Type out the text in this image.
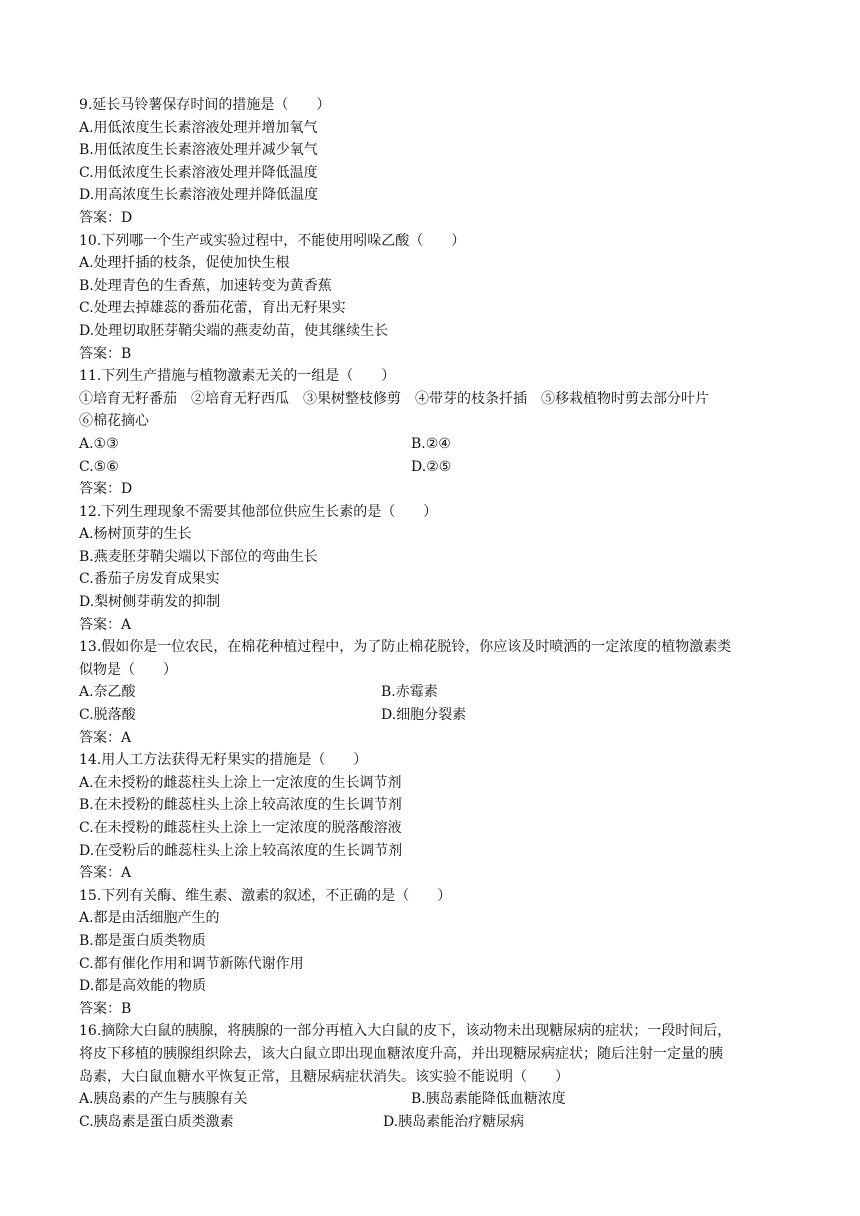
9.延长马铃薯保存时间的措施是（　　）
A.用低浓度生长素溶液处理并增加氧气
B.用低浓度生长素溶液处理并减少氧气
C.用低浓度生长素溶液处理并降低温度
D.用高浓度生长素溶液处理并降低温度
答案：D
10.下列哪一个生产或实验过程中，不能使用吲哚乙酸（　　）
A.处理扦插的枝条，促使加快生根
B.处理青色的生香蕉，加速转变为黄香蕉
C.处理去掉雄蕊的番茄花蕾，育出无籽果实
D.处理切取胚芽鞘尖端的燕麦幼苗，使其继续生长
答案：B
11.下列生产措施与植物激素无关的一组是（　　）
①培育无籽番茄　②培育无籽西瓜　③果树整枝修剪　④带芽的枝条扦插　⑤移栽植物时剪去部分叶片
⑥棉花摘心
A.①③	B.②④
C.⑤⑥	D.②⑤
答案：D
12.下列生理现象不需要其他部位供应生长素的是（　　）
A.杨树顶芽的生长
B.燕麦胚芽鞘尖端以下部位的弯曲生长
C.番茄子房发育成果实
D.梨树侧芽萌发的抑制
答案：A
13.假如你是一位农民，在棉花种植过程中，为了防止棉花脱铃，你应该及时喷洒的一定浓度的植物激素类
似物是（　　）
A.奈乙酸	B.赤霉素
C.脱落酸	D.细胞分裂素
答案：A
14.用人工方法获得无籽果实的措施是（　　）
A.在未授粉的雌蕊柱头上涂上一定浓度的生长调节剂
B.在未授粉的雌蕊柱头上涂上较高浓度的生长调节剂
C.在未授粉的雌蕊柱头上涂上一定浓度的脱落酸溶液
D.在受粉后的雌蕊柱头上涂上较高浓度的生长调节剂
答案：A
15.下列有关酶、维生素、激素的叙述，不正确的是（　　）
A.都是由活细胞产生的
B.都是蛋白质类物质
C.都有催化作用和调节新陈代谢作用
D.都是高效能的物质
答案：B
16.摘除大白鼠的胰腺，将胰腺的一部分再植入大白鼠的皮下，该动物未出现糖尿病的症状；一段时间后，
将皮下移植的胰腺组织除去，该大白鼠立即出现血糖浓度升高，并出现糖尿病症状；随后注射一定量的胰
岛素，大白鼠血糖水平恢复正常，且糖尿病症状消失。该实验不能说明（　　）
A.胰岛素的产生与胰腺有关	B.胰岛素能降低血糖浓度
C.胰岛素是蛋白质类激素	D.胰岛素能治疗糖尿病
